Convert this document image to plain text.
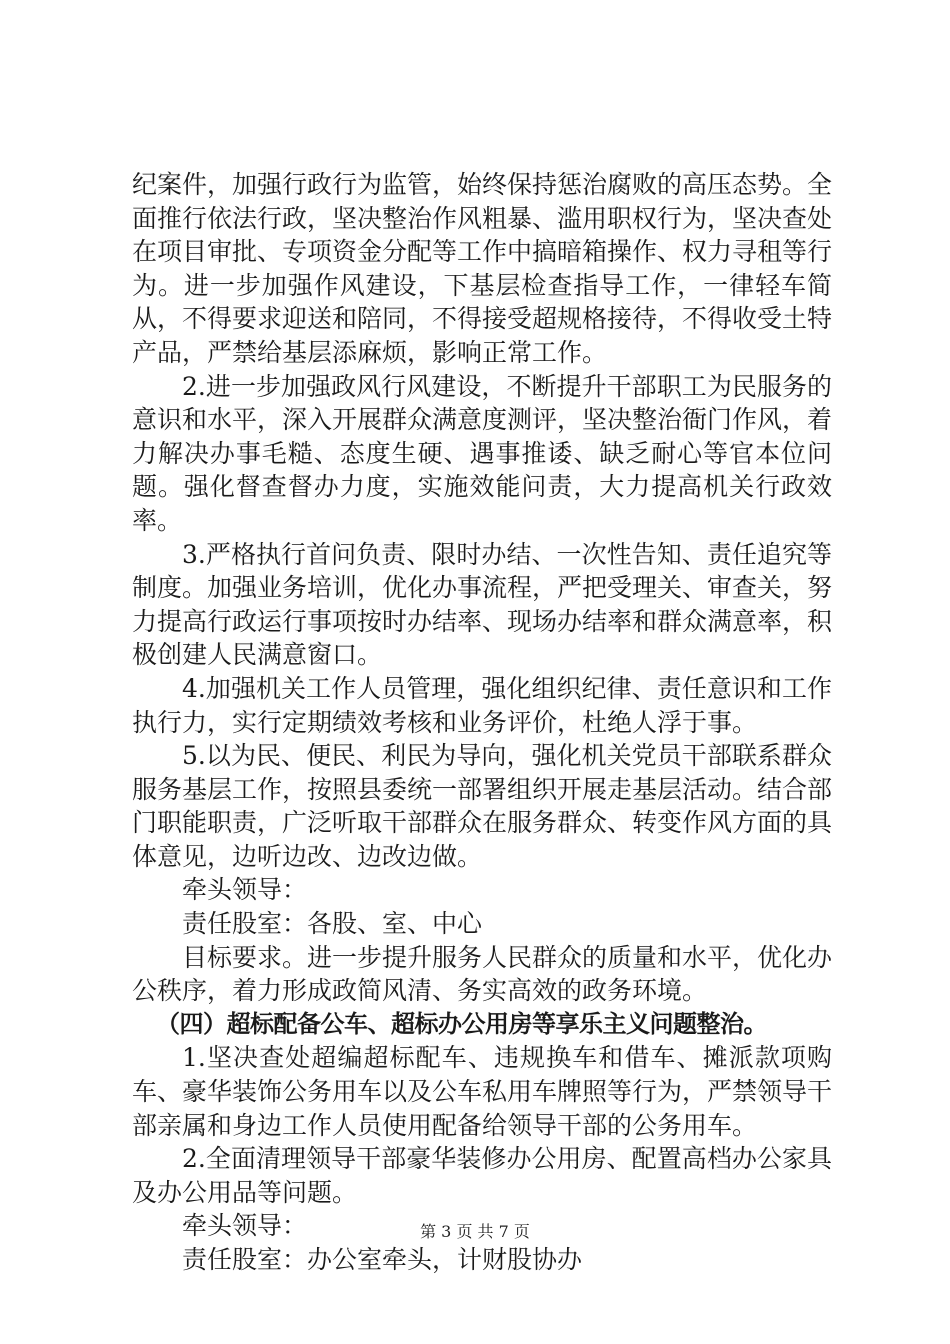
纪案件，加强行政行为监管，始终保持惩治腐败的高压态势。全面推行依法行政，坚决整治作风粗暴、滥用职权行为，坚决查处在项目审批、专项资金分配等工作中搞暗箱操作、权力寻租等行为。进一步加强作风建设，下基层检查指导工作，一律轻车简从，不得要求迎送和陪同，不得接受超规格接待，不得收受土特产品，严禁给基层添麻烦，影响正常工作。

2.进一步加强政风行风建设，不断提升干部职工为民服务的意识和水平，深入开展群众满意度测评，坚决整治衙门作风，着力解决办事毛糙、态度生硬、遇事推诿、缺乏耐心等官本位问题。强化督查督办力度，实施效能问责，大力提高机关行政效率。

3.严格执行首问负责、限时办结、一次性告知、责任追究等制度。加强业务培训，优化办事流程，严把受理关、审查关，努力提高行政运行事项按时办结率、现场办结率和群众满意率，积极创建人民满意窗口。

4.加强机关工作人员管理，强化组织纪律、责任意识和工作执行力，实行定期绩效考核和业务评价，杜绝人浮于事。

5.以为民、便民、利民为导向，强化机关党员干部联系群众服务基层工作，按照县委统一部署组织开展走基层活动。结合部门职能职责，广泛听取干部群众在服务群众、转变作风方面的具体意见，边听边改、边改边做。

牵头领导：

责任股室：各股、室、中心

目标要求。进一步提升服务人民群众的质量和水平，优化办公秩序，着力形成政简风清、务实高效的政务环境。

（四）超标配备公车、超标办公用房等享乐主义问题整治。

1.坚决查处超编超标配车、违规换车和借车、摊派款项购车、豪华装饰公务用车以及公车私用车牌照等行为，严禁领导干部亲属和身边工作人员使用配备给领导干部的公务用车。

2.全面清理领导干部豪华装修办公用房、配置高档办公家具及办公用品等问题。

牵头领导：

责任股室：办公室牵头，计财股协办

第 3 页 共 7 页
